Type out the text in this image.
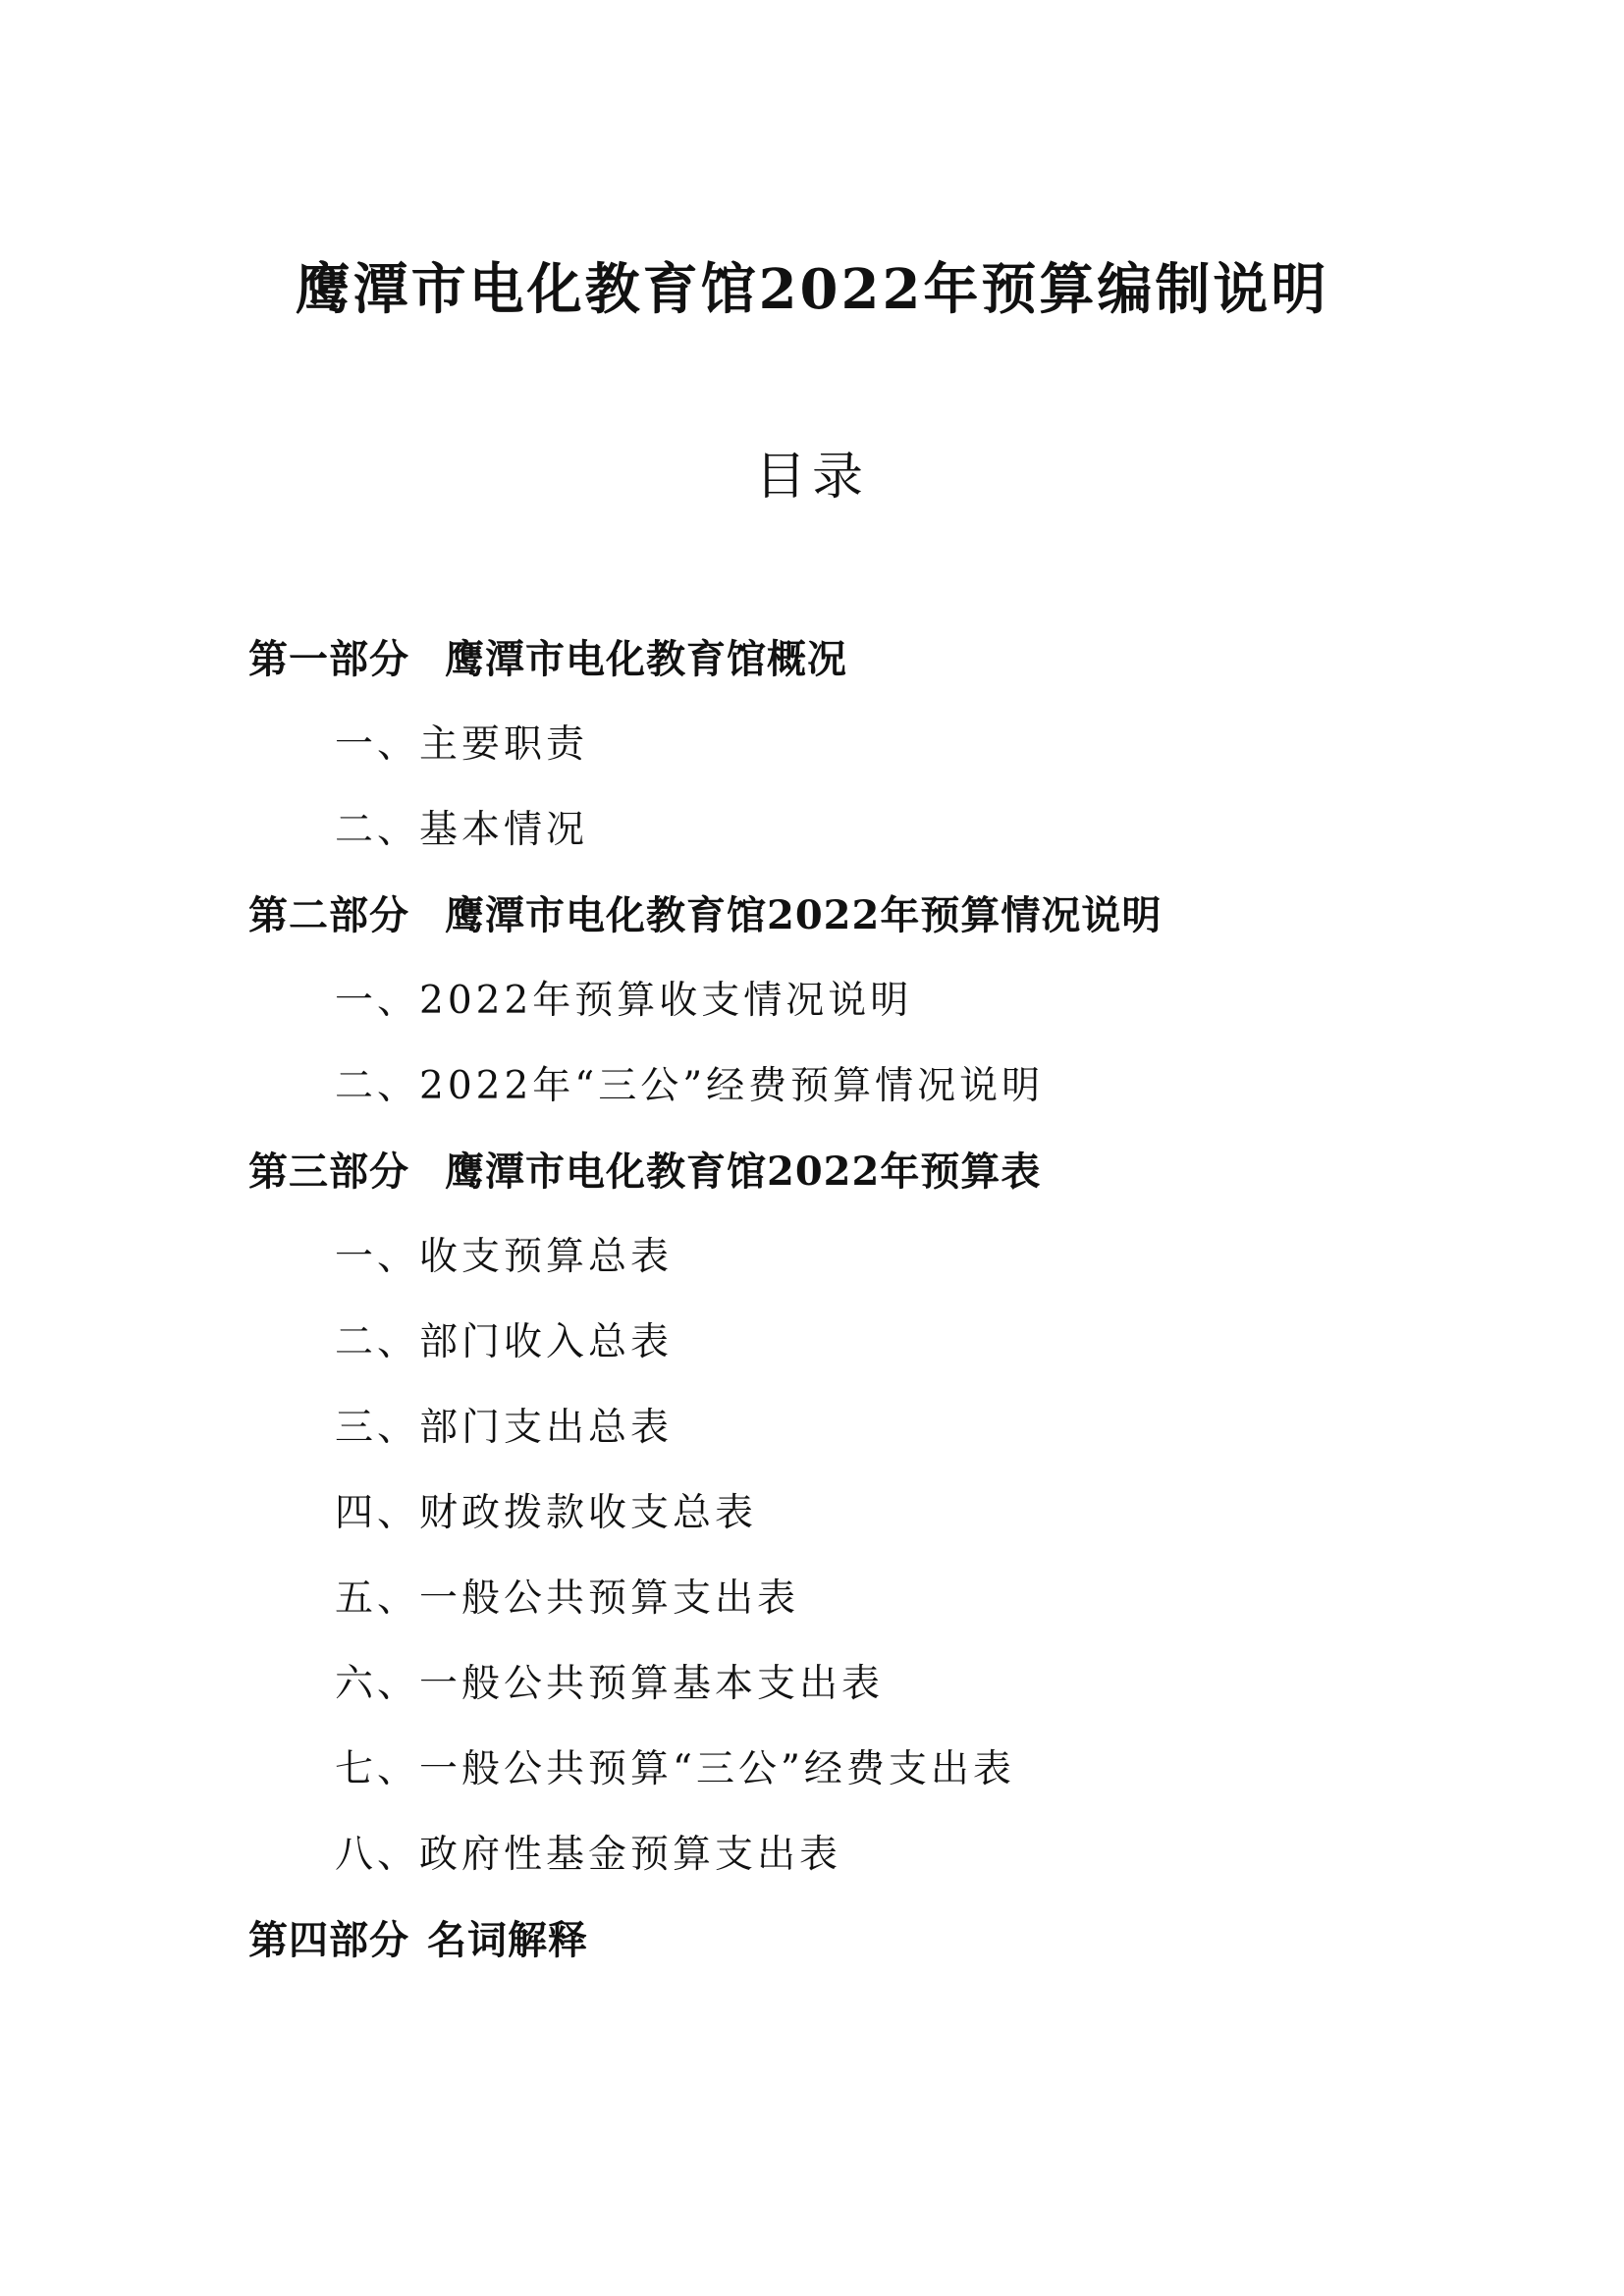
鹰潭市电化教育馆2022年预算编制说明
目录
第一部分 鹰潭市电化教育馆概况
一、主要职责
二、基本情况
第二部分 鹰潭市电化教育馆2022年预算情况说明
一、2022年预算收支情况说明
二、2022年“三公”经费预算情况说明
第三部分 鹰潭市电化教育馆2022年预算表
一、收支预算总表
二、部门收入总表
三、部门支出总表
四、财政拨款收支总表
五、一般公共预算支出表
六、一般公共预算基本支出表
七、一般公共预算“三公”经费支出表
八、政府性基金预算支出表
第四部分 名词解释
